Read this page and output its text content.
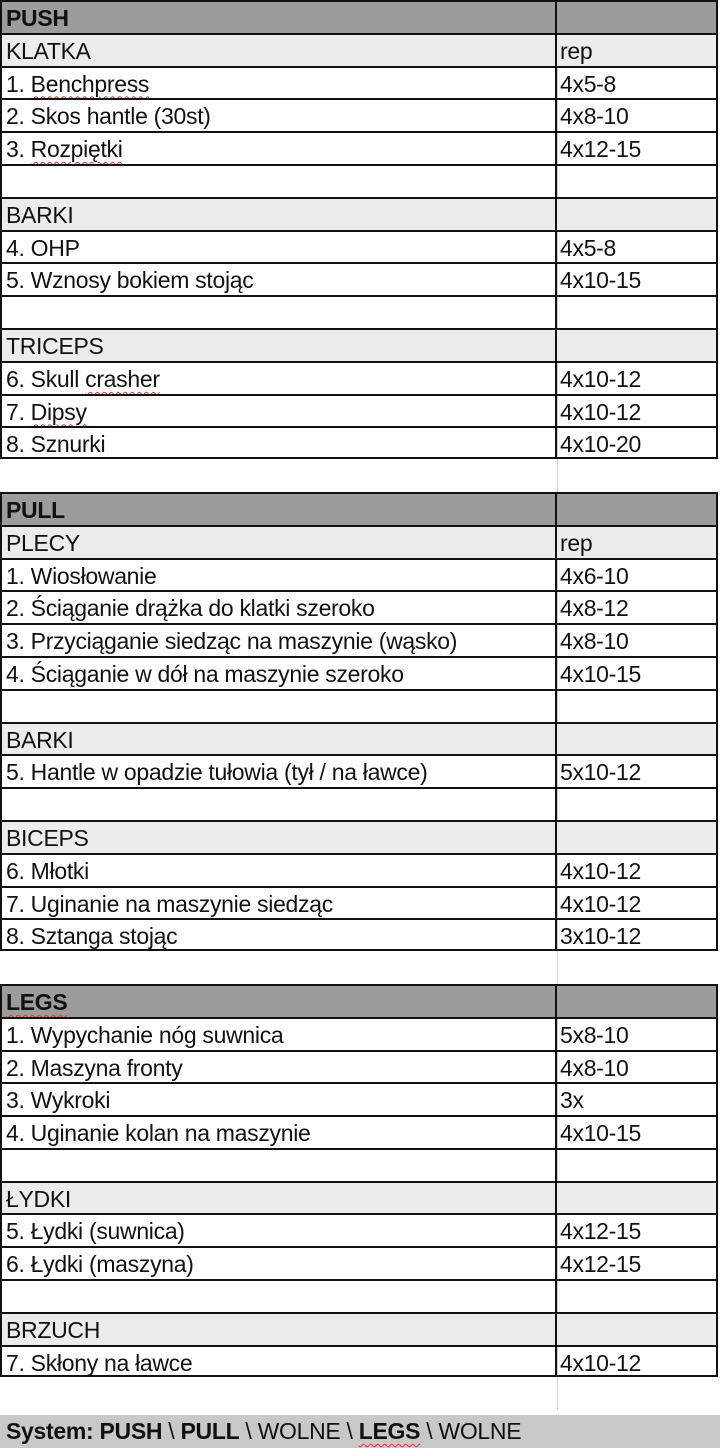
PUSH
KLATKA	rep
1. Benchpress	4x5-8
2. Skos hantle (30st)	4x8-10
3. Rozpiętki	4x12-15
BARKI
4. OHP	4x5-8
5. Wznosy bokiem stojąc	4x10-15
TRICEPS
6. Skull crasher	4x10-12
7. Dipsy	4x10-12
8. Sznurki	4x10-20
PULL
PLECY	rep
1. Wiosłowanie	4x6-10
2. Ściąganie drążka do klatki szeroko	4x8-12
3. Przyciąganie siedząc na maszynie (wąsko)	4x8-10
4. Ściąganie w dół na maszynie szeroko	4x10-15
BARKI
5. Hantle w opadzie tułowia (tył / na ławce)	5x10-12
BICEPS
6. Młotki	4x10-12
7. Uginanie na maszynie siedząc	4x10-12
8. Sztanga stojąc	3x10-12
LEGS
1. Wypychanie nóg suwnica	5x8-10
2. Maszyna fronty	4x8-10
3. Wykroki	3x
4. Uginanie kolan na maszynie	4x10-15
ŁYDKI
5. Łydki (suwnica)	4x12-15
6. Łydki (maszyna)	4x12-15
BRZUCH
7. Skłony na ławce	4x10-12
System: PUSH \ PULL \ WOLNE \ LEGS \ WOLNE
